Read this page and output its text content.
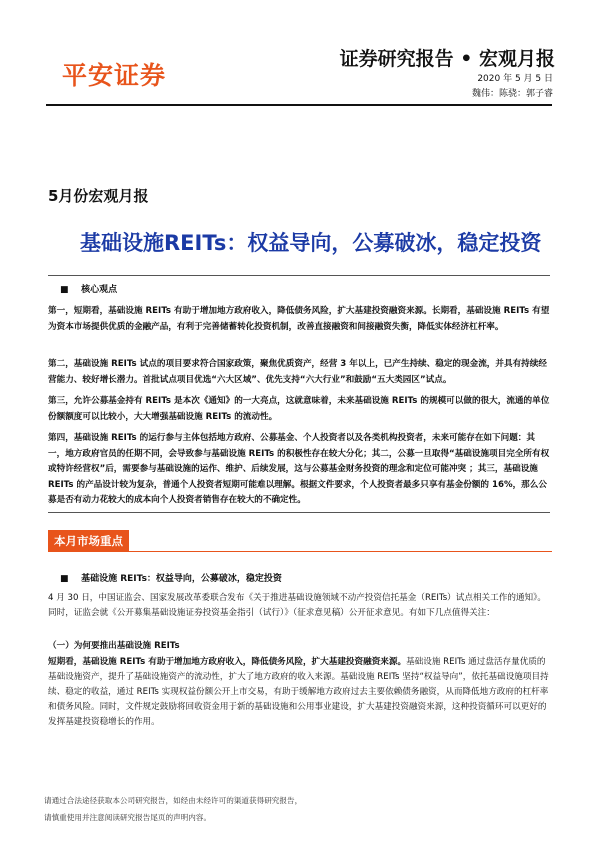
平安证券
证券研究报告 • 宏观月报
2020 年 5 月 5 日
魏伟：陈骁：郭子睿
5月份宏观月报
基础设施REITs：权益导向，公募破冰，稳定投资
■ 核心观点

第一，短期看，基础设施 REITs 有助于增加地方政府收入，降低债务风险，扩大基建投资融资来源。长期看，基础设施 REITs 有望为资本市场提供优质的金融产品，有利于完善储蓄转化投资机制，改善直接融资和间接融资失衡，降低实体经济杠杆率。

第二，基础设施 REITs 试点的项目要求符合国家政策，聚焦优质资产，经营 3 年以上，已产生持续、稳定的现金流，并具有持续经营能力、较好增长潜力。首批试点项目优选“六大区域”、优先支持“六大行业”和鼓励“五大类园区”试点。

第三，允许公募基金持有 REITs 是本次《通知》的一大亮点，这就意味着，未来基础设施 REITs 的规模可以做的很大，流通的单位份额额度可以比较小，大大增强基础设施 REITs 的流动性。

第四，基础设施 REITs 的运行参与主体包括地方政府、公募基金、个人投资者以及各类机构投资者，未来可能存在如下问题：其一，地方政府官员的任期不同，会导致参与基础设施 REITs 的积极性存在较大分化；其二，公募一旦取得“基础设施项目完全所有权或特许经营权”后，需要参与基础设施的运作、维护、后续发展，这与公募基金财务投资的理念和定位可能冲突 ；其三，基础设施 REITs 的产品设计较为复杂，普通个人投资者短期可能难以理解。根据文件要求，个人投资者最多只享有基金份额的 16%，那么公募是否有动力花较大的成本向个人投资者销售存在较大的不确定性。

本月市场重点
■ 基础设施 REITs：权益导向，公募破冰，稳定投资

4 月 30 日，中国证监会、国家发展改革委联合发布《关于推进基础设施领域不动产投资信托基金（REITs）试点相关工作的通知》。同时，证监会就《公开募集基础设施证券投资基金指引（试行）》（征求意见稿）公开征求意见。有如下几点值得关注：

（一）为何要推出基础设施 REITs

短期看，基础设施 REITs 有助于增加地方政府收入，降低债务风险，扩大基建投资融资来源。基础设施 REITs 通过盘活存量优质的基础设施资产，提升了基础设施资产的流动性，扩大了地方政府的收入来源。基础设施 REITs 坚持“权益导向”，依托基础设施项目持续、稳定的收益，通过 REITs 实现权益份额公开上市交易，有助于缓解地方政府过去主要依赖债务融资，从而降低地方政府的杠杆率和债务风险。同时，文件规定鼓励将回收资金用于新的基础设施和公用事业建设，扩大基建投资融资来源，这种投资循环可以更好的发挥基建投资稳增长的作用。

请通过合法途径获取本公司研究报告，如经由未经许可的渠道获得研究报告，
请慎重使用并注意阅读研究报告尾页的声明内容。
